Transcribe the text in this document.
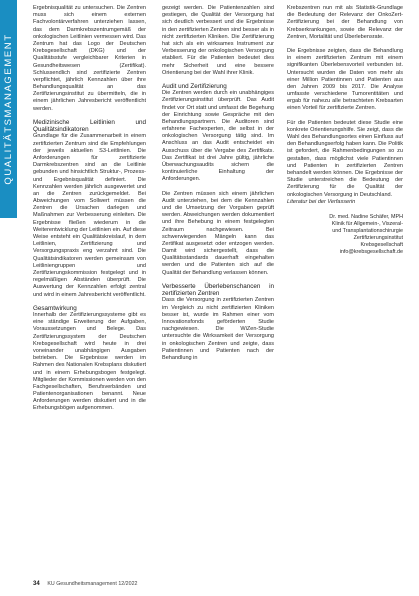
QUALITÄTSMANAGEMENT

Ergebnisqualität zu untersuchen. Die Zentren muss sich einem externen Fachvolontärverfahren unterziehen lassen, das dem Darmkrebszentrumgemäß der onkologischen Leitlinien vermessen wird. Das Zentrum hat das Logo der Deutschen Krebsgesellschaft (DKG) und der Qualitätsstufe vergleichbarer Kriterien in Gesundheitswesen (Zertifikat). Schlussendlich sind zertifizierte Zentren verpflichtet, jährlich Kennzahlen über ihre Behandlungsqualität an das Zertifizierungsinstitut zu übermitteln, die in einem jährlichen Jahresbericht veröffentlicht werden.

Medizinische Leitlinien und Qualitätsindikatoren

Grundlage für die Zusammenarbeit in einem zertifizierten Zentrum sind die Empfehlungen der jeweils aktuellen S3-Leitlinien. Die Anforderungen für zertifizierte Darmkrebszentren sind an die Leitlinie gebunden und hinsichtlich Struktur-, Prozess- und Ergebnisqualität definiert. Die Kennzahlen werden jährlich ausgewertet und an die Zentren zurückgemeldet. Bei Abweichungen vom Sollwert müssen die Zentren die Ursachen darlegen und Maßnahmen zur Verbesserung einleiten. Die Ergebnisse fließen wiederum in die Weiterentwicklung der Leitlinien ein. Auf diese Weise entsteht ein Qualitätskreislauf, in dem Leitlinien, Zertifizierung und Versorgungspraxis eng verzahnt sind. Die Qualitätsindikatoren werden gemeinsam von Leitliniengruppen und Zertifizierungskommission festgelegt und in regelmäßigen Abständen überprüft. Die Auswertung der Kennzahlen erfolgt zentral und wird in einem Jahresbericht veröffentlicht.

Gesamtwirkung

Innerhalb der Zertifizierungssysteme gibt es eine ständige Erweiterung der Aufgaben, Voraussetzungen und Belege. Das Zertifizierungssystem der Deutschen Krebsgesellschaft wird heute in drei voneinander unabhängigen Ausgaben betrieben. Die Ergebnisse werden im Rahmen des Nationalen Krebsplans diskutiert und in einem Erhebungsbogen festgelegt. Mitglieder der Kommissionen werden von den Fachgesellschaften, Berufsverbänden und Patientenorganisationen benannt. Neue Anforderungen werden diskutiert und in die Erhebungsbögen aufgenommen.

gezeigt werden. Die Patientenzahlen sind gestiegen, die Qualität der Versorgung hat sich deutlich verbessert und die Ergebnisse in den zertifizierten Zentren sind besser als in nicht zertifizierten Kliniken. Die Zertifizierung hat sich als ein wirksames Instrument zur Verbesserung der onkologischen Versorgung etabliert. Für die Patienten bedeutet dies mehr Sicherheit und eine bessere Orientierung bei der Wahl ihrer Klinik.

Audit und Zertifizierung

Die Zentren werden durch ein unabhängiges Zertifizierungsinstitut überprüft. Das Audit findet vor Ort statt und umfasst die Begehung der Einrichtung sowie Gespräche mit den Behandlungspartnern. Die Auditoren sind erfahrene Fachexperten, die selbst in der onkologischen Versorgung tätig sind. Im Anschluss an das Audit entscheidet ein Ausschuss über die Vergabe des Zertifikats. Das Zertifikat ist drei Jahre gültig, jährliche Überwachungsaudits sichern die kontinuierliche Einhaltung der Anforderungen.

Die Zentren müssen sich einem jährlichen Audit unterziehen, bei dem die Kennzahlen und die Umsetzung der Vorgaben geprüft werden. Abweichungen werden dokumentiert und ihre Behebung in einem festgelegten Zeitraum nachgewiesen. Bei schwerwiegenden Mängeln kann das Zertifikat ausgesetzt oder entzogen werden. Damit wird sichergestellt, dass die Qualitätsstandards dauerhaft eingehalten werden und die Patienten sich auf die Qualität der Behandlung verlassen können.

Verbesserte Überlebenschancen in zertifizierten Zentren

Dass die Versorgung in zertifizierten Zentren im Vergleich zu nicht zertifizierten Kliniken besser ist, wurde im Rahmen einer vom Innovationsfonds geförderten Studie nachgewiesen. Die WiZen-Studie untersuchte die Wirksamkeit der Versorgung in onkologischen Zentren und zeigte, dass Patientinnen und Patienten nach der Behandlung in

Krebszentren nun mit als Statistik-Grundlage die Bedeutung der Relevanz der OnkoZert-Zertifizierung bei der Behandlung von Krebserkrankungen, sowie die Relevanz der Zentren, Mortalität und Überlebensrate.

Die Ergebnisse zeigten, dass die Behandlung in einem zertifizierten Zentrum mit einem signifikanten Überlebensvorteil verbunden ist. Untersucht wurden die Daten von mehr als einer Million Patientinnen und Patienten aus den Jahren 2009 bis 2017. Die Analyse umfasste verschiedene Tumorentitäten und ergab für nahezu alle betrachteten Krebsarten einen Vorteil für zertifizierte Zentren.

Für die Patienten bedeutet diese Studie eine konkrete Orientierungshilfe. Sie zeigt, dass die Wahl des Behandlungsortes einen Einfluss auf den Behandlungserfolg haben kann. Die Politik ist gefordert, die Rahmenbedingungen so zu gestalten, dass möglichst viele Patientinnen und Patienten in zertifizierten Zentren behandelt werden können. Die Ergebnisse der Studie unterstreichen die Bedeutung der Zertifizierung für die Qualität der onkologischen Versorgung in Deutschland.

Literatur bei der Verfasserin

Dr. med. Nadine Schäfer, MPH
Klinik für Allgemein-, Viszeral-
und Transplantationschirurgie
Zertifizierungsinstitut
Krebsgesellschaft
info@krebsgesellschaft.de
34 KU Gesundheitsmanagement 12/2022
